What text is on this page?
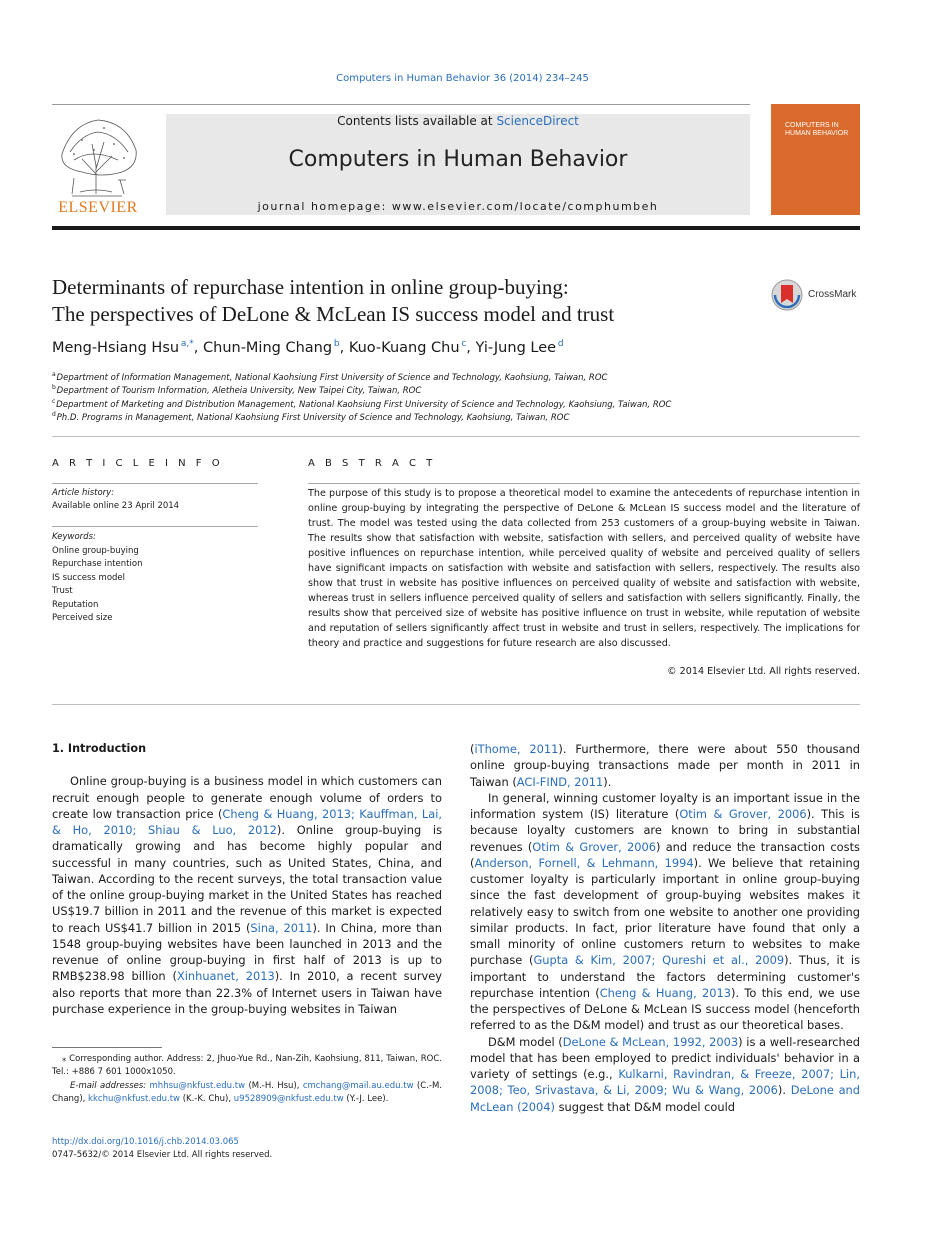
Computers in Human Behavior 36 (2014) 234–245
Contents lists available at ScienceDirect
Computers in Human Behavior
journal homepage: www.elsevier.com/locate/comphumbeh
ELSEVIER
COMPUTERS IN
HUMAN BEHAVIOR
Determinants of repurchase intention in online group-buying:
The perspectives of DeLone & McLean IS success model and trust
CrossMark
Meng-Hsiang Hsu $^{a,*}$, Chun-Ming Chang $^b$, Kuo-Kuang Chu $^c$, Yi-Jung Lee $^d$
$^a$ Department of Information Management, National Kaohsiung First University of Science and Technology, Kaohsiung, Taiwan, ROC
$^b$ Department of Tourism Information, Aletheia University, New Taipei City, Taiwan, ROC
$^c$ Department of Marketing and Distribution Management, National Kaohsiung First University of Science and Technology, Kaohsiung, Taiwan, ROC
$^d$ Ph.D. Programs in Management, National Kaohsiung First University of Science and Technology, Kaohsiung, Taiwan, ROC
A R T I C L E I N F O
Article history:
Available online 23 April 2014
Keywords:
Online group-buying
Repurchase intention
IS success model
Trust
Reputation
Perceived size
A B S T R A C T
The purpose of this study is to propose a theoretical model to examine the antecedents of repurchase intention in online group-buying by integrating the perspective of DeLone & McLean IS success model and the literature of trust. The model was tested using the data collected from 253 customers of a group-buying website in Taiwan. The results show that satisfaction with website, satisfaction with sellers, and perceived quality of website have positive influences on repurchase intention, while perceived quality of website and perceived quality of sellers have significant impacts on satisfaction with website and satisfaction with sellers, respectively. The results also show that trust in website has positive influences on perceived quality of website and satisfaction with website, whereas trust in sellers influence perceived quality of sellers and satisfaction with sellers significantly. Finally, the results show that perceived size of website has positive influence on trust in website, while reputation of website and reputation of sellers significantly affect trust in website and trust in sellers, respectively. The implications for theory and practice and suggestions for future research are also discussed.
© 2014 Elsevier Ltd. All rights reserved.

1. Introduction

Online group-buying is a business model in which customers can recruit enough people to generate enough volume of orders to create low transaction price (Cheng & Huang, 2013; Kauffman, Lai, & Ho, 2010; Shiau & Luo, 2012). Online group-buying is dramatically growing and has become highly popular and successful in many countries, such as United States, China, and Taiwan. According to the recent surveys, the total transaction value of the online group-buying market in the United States has reached US$19.7 billion in 2011 and the revenue of this market is expected to reach US$41.7 billion in 2015 (Sina, 2011). In China, more than 1548 group-buying websites have been launched in 2013 and the revenue of online group-buying in first half of 2013 is up to RMB$238.98 billion (Xinhuanet, 2013). In 2010, a recent survey also reports that more than 22.3% of Internet users in Taiwan have purchase experience in the group-buying websites in Taiwan

(iThome, 2011). Furthermore, there were about 550 thousand online group-buying transactions made per month in 2011 in Taiwan (ACI-FIND, 2011).

In general, winning customer loyalty is an important issue in the information system (IS) literature (Otim & Grover, 2006). This is because loyalty customers are known to bring in substantial revenues (Otim & Grover, 2006) and reduce the transaction costs (Anderson, Fornell, & Lehmann, 1994). We believe that retaining customer loyalty is particularly important in online group-buying since the fast development of group-buying websites makes it relatively easy to switch from one website to another one providing similar products. In fact, prior literature have found that only a small minority of online customers return to websites to make purchase (Gupta & Kim, 2007; Qureshi et al., 2009). Thus, it is important to understand the factors determining customer's repurchase intention (Cheng & Huang, 2013). To this end, we use the perspectives of DeLone & McLean IS success model (henceforth referred to as the D&M model) and trust as our theoretical bases.

D&M model (DeLone & McLean, 1992, 2003) is a well-researched model that has been employed to predict individuals' behavior in a variety of settings (e.g., Kulkarni, Ravindran, & Freeze, 2007; Lin, 2008; Teo, Srivastava, & Li, 2009; Wu & Wang, 2006). DeLone and McLean (2004) suggest that D&M model could

⁎ Corresponding author. Address: 2, Jhuo-Yue Rd., Nan-Zih, Kaohsiung, 811, Taiwan, ROC. Tel.: +886 7 601 1000x1050.

E-mail addresses: mhhsu@nkfust.edu.tw (M.-H. Hsu), cmchang@mail.au.edu.tw (C.-M. Chang), kkchu@nkfust.edu.tw (K.-K. Chu), u9528909@nkfust.edu.tw (Y.-J. Lee).

http://dx.doi.org/10.1016/j.chb.2014.03.065
0747-5632/© 2014 Elsevier Ltd. All rights reserved.
